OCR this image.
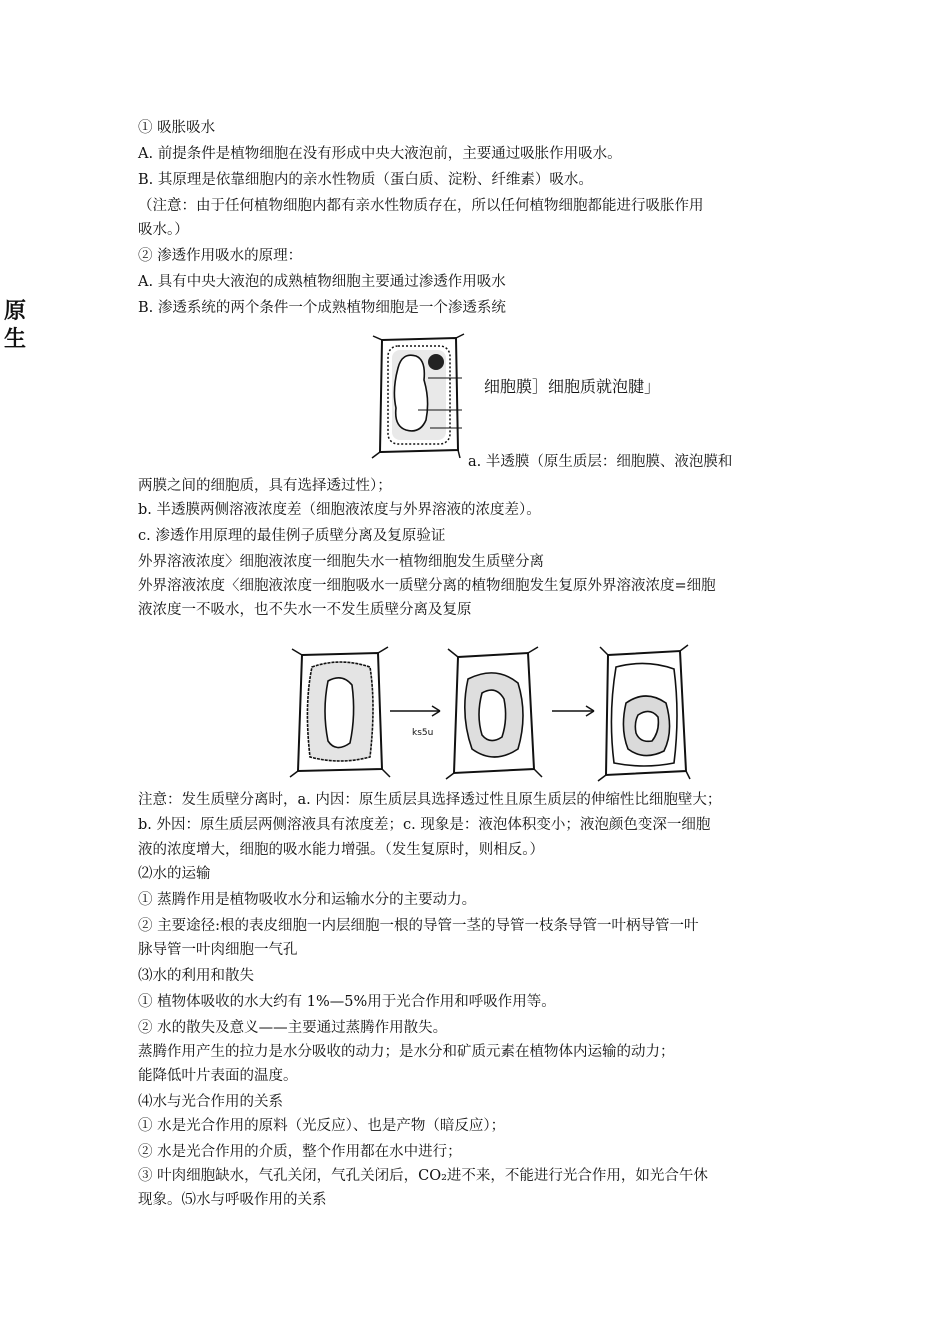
原生
① 吸胀吸水
A. 前提条件是植物细胞在没有形成中央大液泡前，主要通过吸胀作用吸水。
B. 其原理是依靠细胞内的亲水性物质（蛋白质、淀粉、纤维素）吸水。
（注意：由于任何植物细胞内都有亲水性物质存在，所以任何植物细胞都能进行吸胀作用
吸水。）
② 渗透作用吸水的原理：
A. 具有中央大液泡的成熟植物细胞主要通过渗透作用吸水
B. 渗透系统的两个条件一个成熟植物细胞是一个渗透系统
细胞膜］细胞质就泡腱」
a. 半透膜（原生质层：细胞膜、液泡膜和
两膜之间的细胞质，具有选择透过性）；
b. 半透膜两侧溶液浓度差（细胞液浓度与外界溶液的浓度差）。
c. 渗透作用原理的最佳例子质壁分离及复原验证
外界溶液浓度〉细胞液浓度一细胞失水一植物细胞发生质壁分离
外界溶液浓度〈细胞液浓度一细胞吸水一质壁分离的植物细胞发生复原外界溶液浓度=细胞
液浓度一不吸水，也不失水一不发生质壁分离及复原
ks5u
注意：发生质壁分离时，a. 内因：原生质层具选择透过性且原生质层的伸缩性比细胞壁大；
b. 外因：原生质层两侧溶液具有浓度差；c. 现象是：液泡体积变小；液泡颜色变深一细胞
液的浓度增大，细胞的吸水能力增强。（发生复原时，则相反。）
⑵水的运输
① 蒸腾作用是植物吸收水分和运输水分的主要动力。
② 主要途径:根的表皮细胞一内层细胞一根的导管一茎的导管一枝条导管一叶柄导管一叶
脉导管一叶肉细胞一气孔
⑶水的利用和散失
① 植物体吸收的水大约有 1%—5%用于光合作用和呼吸作用等。
② 水的散失及意义——主要通过蒸腾作用散失。
蒸腾作用产生的拉力是水分吸收的动力；是水分和矿质元素在植物体内运输的动力；
能降低叶片表面的温度。
⑷水与光合作用的关系
① 水是光合作用的原料（光反应）、也是产物（暗反应）；
② 水是光合作用的介质，整个作用都在水中进行；
③ 叶肉细胞缺水，气孔关闭，气孔关闭后，CO₂进不来，不能进行光合作用，如光合午休
现象。⑸水与呼吸作用的关系
